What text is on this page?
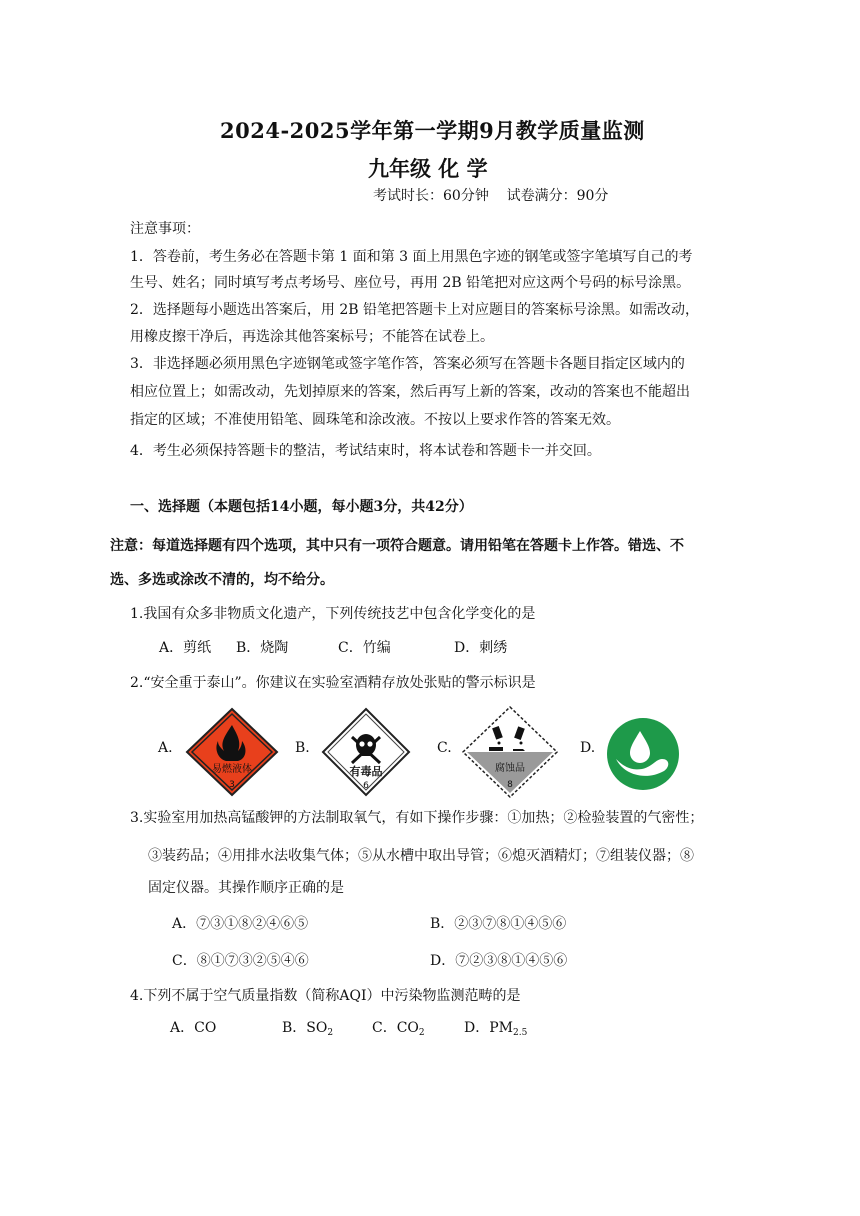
2024-2025学年第一学期9月教学质量监测
九年级 化 学
考试时长：60分钟    试卷满分：90分
注意事项：
1．答卷前，考生务必在答题卡第 1 面和第 3 面上用黑色字迹的钢笔或签字笔填写自己的考
生号、姓名；同时填写考点考场号、座位号，再用 2B 铅笔把对应这两个号码的标号涂黑。
2．选择题每小题选出答案后，用 2B 铅笔把答题卡上对应题目的答案标号涂黑。如需改动，
用橡皮擦干净后，再选涂其他答案标号；不能答在试卷上。
3．非选择题必须用黑色字迹钢笔或签字笔作答，答案必须写在答题卡各题目指定区域内的
相应位置上；如需改动，先划掉原来的答案，然后再写上新的答案，改动的答案也不能超出
指定的区域；不准使用铅笔、圆珠笔和涂改液。不按以上要求作答的答案无效。
4．考生必须保持答题卡的整洁，考试结束时，将本试卷和答题卡一并交回。
一、选择题（本题包括14小题，每小题3分，共42分）
注意：每道选择题有四个选项，其中只有一项符合题意。请用铅笔在答题卡上作答。错选、不
选、多选或涂改不清的，均不给分。
1.我国有众多非物质文化遗产，下列传统技艺中包含化学变化的是
A．剪纸 B．烧陶	C．竹编	D．刺绣
2.“安全重于泰山”。你建议在实验室酒精存放处张贴的警示标识是
A.
易燃液体
3
B.
有毒品
6
C.
腐蚀品
8
D.
3.实验室用加热高锰酸钾的方法制取氧气，有如下操作步骤：①加热；②检验装置的气密性；
③装药品；④用排水法收集气体；⑤从水槽中取出导管；⑥熄灭酒精灯；⑦组装仪器；⑧
固定仪器。其操作顺序正确的是
A．⑦③①⑧②④⑥⑤	B．②③⑦⑧①④⑤⑥
C．⑧①⑦③②⑤④⑥	D．⑦②③⑧①④⑤⑥
4.下列不属于空气质量指数（简称AQI）中污染物监测范畴的是
A．CO	B．$SO_2$	C．$CO_2$	D．$PM_{2.5}$
